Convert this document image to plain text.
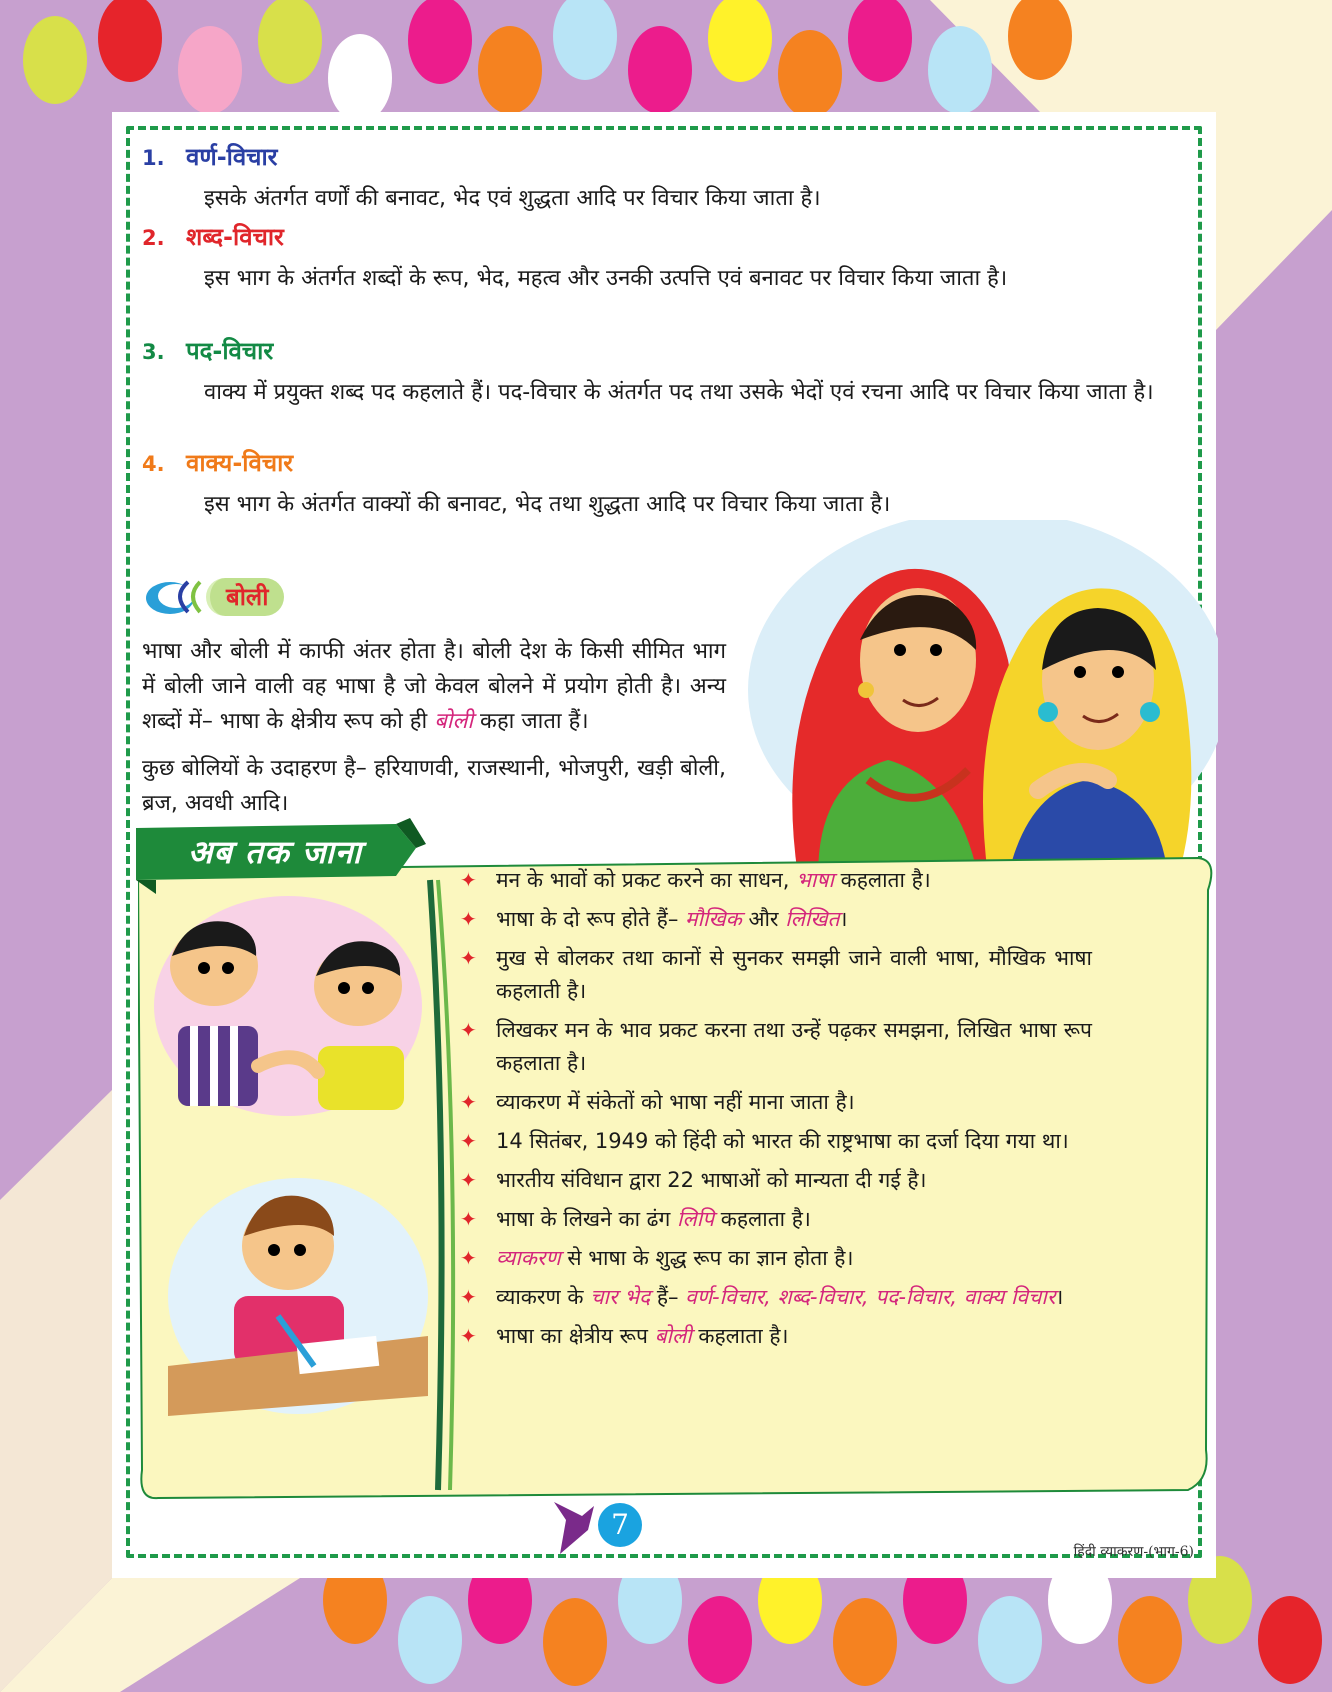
1. वर्ण-विचार
इसके अंतर्गत वर्णों की बनावट, भेद एवं शुद्धता आदि पर विचार किया जाता है।
2. शब्द-विचार
इस भाग के अंतर्गत शब्दों के रूप, भेद, महत्व और उनकी उत्पत्ति एवं बनावट पर विचार किया जाता है।
3. पद-विचार
वाक्य में प्रयुक्त शब्द पद कहलाते हैं। पद-विचार के अंतर्गत पद तथा उसके भेदों एवं रचना आदि पर विचार किया जाता है।
4. वाक्य-विचार
इस भाग के अंतर्गत वाक्यों की बनावट, भेद तथा शुद्धता आदि पर विचार किया जाता है।
बोली

भाषा और बोली में काफी अंतर होता है। बोली देश के किसी सीमित भाग में बोली जाने वाली वह भाषा है जो केवल बोलने में प्रयोग होती है। अन्य शब्दों में– भाषा के क्षेत्रीय रूप को ही बोली कहा जाता हैं।

कुछ बोलियों के उदाहरण है– हरियाणवी, राजस्थानी, भोजपुरी, खड़ी बोली, ब्रज, अवधी आदि।

अब तक जाना
✦ मन के भावों को प्रकट करने का साधन, भाषा कहलाता है।
✦ भाषा के दो रूप होते हैं– मौखिक और लिखित।
✦ मुख से बोलकर तथा कानों से सुनकर समझी जाने वाली भाषा, मौखिक भाषा कहलाती है।
✦ लिखकर मन के भाव प्रकट करना तथा उन्हें पढ़कर समझना, लिखित भाषा रूप कहलाता है।
✦ व्याकरण में संकेतों को भाषा नहीं माना जाता है।
✦ 14 सितंबर, 1949 को हिंदी को भारत की राष्ट्रभाषा का दर्जा दिया गया था।
✦ भारतीय संविधान द्वारा 22 भाषाओं को मान्यता दी गई है।
✦ भाषा के लिखने का ढंग लिपि कहलाता है।
✦ व्याकरण से भाषा के शुद्ध रूप का ज्ञान होता है।
✦ व्याकरण के चार भेद हैं– वर्ण-विचार, शब्द-विचार, पद-विचार, वाक्य विचार।
✦ भाषा का क्षेत्रीय रूप बोली कहलाता है।
7
हिंदी व्याकरण-(भाग-6)
